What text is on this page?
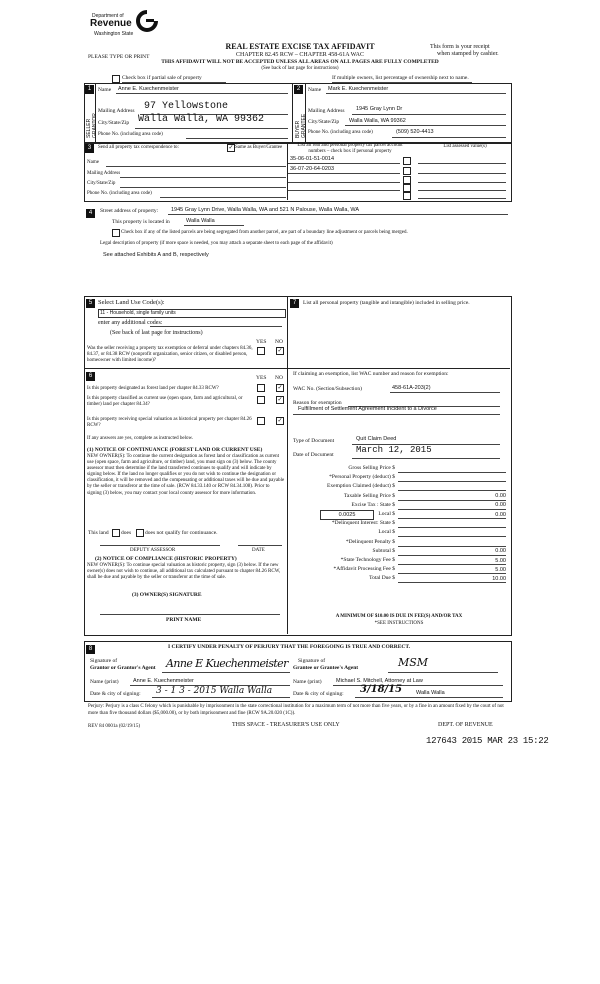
Department of
Revenue
Washington State
REAL ESTATE EXCISE TAX AFFIDAVIT
CHAPTER 82.45 RCW – CHAPTER 458-61A WAC
THIS AFFIDAVIT WILL NOT BE ACCEPTED UNLESS ALL AREAS ON ALL PAGES ARE FULLY COMPLETED
(See back of last page for instructions)
PLEASE TYPE OR PRINT
This form is your receipt
when stamped by cashier.
Check box if partial sale of property	If multiple owners, list percentage of ownership next to name.
1
SELLER GRANTOR
Name Anne E. Kuechenmeister
Mailing Address 97 Yellowstone
City/State/Zip Walla Walla, WA 99362
Phone No. (including area code)
2
BUYER GRANTEE
Name Mark E. Kuechenmeister
Mailing Address 1945 Gray Lynn Dr
City/State/Zip Walla Walla, WA 99362
Phone No. (including area code)	(509) 520-4413
3	Send all property tax correspondence to:	✓ Same as Buyer/Grantee
Name
Mailing Address
City/State/Zip
Phone No. (including area code)
List all real and personal property tax parcel account numbers – check box if personal property
List assessed value(s)
35-06-01-51-0014
36-07-20-64-0203
4	Street address of property: 1945 Gray Lynn Drive, Walla Walla, WA and 521 N Palouse, Walla Walla, WA
This property is located in	Walla Walla
Check box if any of the listed parcels are being segregated from another parcel, are part of a boundary line adjustment or parcels being merged.
Legal description of property (if more space is needed, you may attach a separate sheet to each page of the affidavit)
See attached Exhibits A and B, respectively
5 Select Land Use Code(s):
11 - Household, single family units
enter any additional codes:
(See back of last page for instructions)
YES NO
Was the seller receiving a property tax exemption or deferral under chapters 84.36, 84.37, or 84.38 RCW (nonprofit organization, senior citizen, or disabled person, homeowner with limited income)?
✓
6	YES NO
Is this property designated as forest land per chapter 84.33 RCW?	✓
Is this property classified as current use (open space, farm and agricultural, or timber) land per chapter 84.34?
✓
Is this property receiving special valuation as historical property per chapter 84.26 RCW?
✓
If any answers are yes, complete as instructed below.
(1) NOTICE OF CONTINUANCE (FOREST LAND OR CURRENT USE)
NEW OWNER(S): To continue the current designation as forest land or classification as current use (open space, farm and agriculture, or timber) land, you must sign on (3) below. The county assessor must then determine if the land transferred continues to qualify and will indicate by signing below. If the land no longer qualifies or you do not wish to continue the designation or classification, it will be removed and the compensating or additional taxes will be due and payable by the seller or transferor at the time of sale. (RCW 84.33.140 or RCW 84.34.108). Prior to signing (3) below, you may contact your local county assessor for more information.
This land does	does not qualify for continuance.
DEPUTY ASSESSOR	DATE
(2) NOTICE OF COMPLIANCE (HISTORIC PROPERTY)
NEW OWNER(S): To continue special valuation as historic property, sign (3) below. If the new owner(s) does not wish to continue, all additional tax calculated pursuant to chapter 84.26 RCW, shall be due and payable by the seller or transferor at the time of sale.
(3) OWNER(S) SIGNATURE
PRINT NAME
7	List all personal property (tangible and intangible) included in selling price.
If claiming an exemption, list WAC number and reason for exemption:
WAC No. (Section/Subsection)	458-61A-203(2)
Reason for exemption
Fulfillment of Settlement Agreement Incident to a Divorce
Type of Document	Quit Claim Deed
Date of Document March 12, 2015
Gross Selling Price $
*Personal Property (deduct) $
Exemption Claimed (deduct) $
Taxable Selling Price $	0.00
Excise Tax : State $	0.00
0.0025	Local $	0.00
*Delinquent Interest: State $
Local $
*Delinquent Penalty $
Subtotal $	0.00
*State Technology Fee $	5.00
*Affidavit Processing Fee $	5.00
Total Due $	10.00
A MINIMUM OF $10.00 IS DUE IN FEE(S) AND/OR TAX
*SEE INSTRUCTIONS
8	I CERTIFY UNDER PENALTY OF PERJURY THAT THE FOREGOING IS TRUE AND CORRECT.
Signature of
Grantor or Grantor's Agent Anne E Kuechenmeister Signature of
Grantee or Grantee's Agent	MSM
Name (print)	Anne E. Kuechenmeister	Name (print)	Michael S. Mitchell, Attorney at Law
Date & city of signing: 3 - 1 3 - 2015 Walla Walla	Date & city of signing: 3/18/15	Walla Walla
Perjury: Perjury is a class C felony which is punishable by imprisonment in the state correctional institution for a maximum term of not more than five years, or by a fine in an amount fixed by the court of not more than five thousand dollars ($5,000.00), or by both imprisonment and fine (RCW 9A.20.020 (1C)).
REV 84 0001a (02/19/15)	THIS SPACE - TREASURER'S USE ONLY	DEPT. OF REVENUE
127643 2015 MAR 23 15:22
